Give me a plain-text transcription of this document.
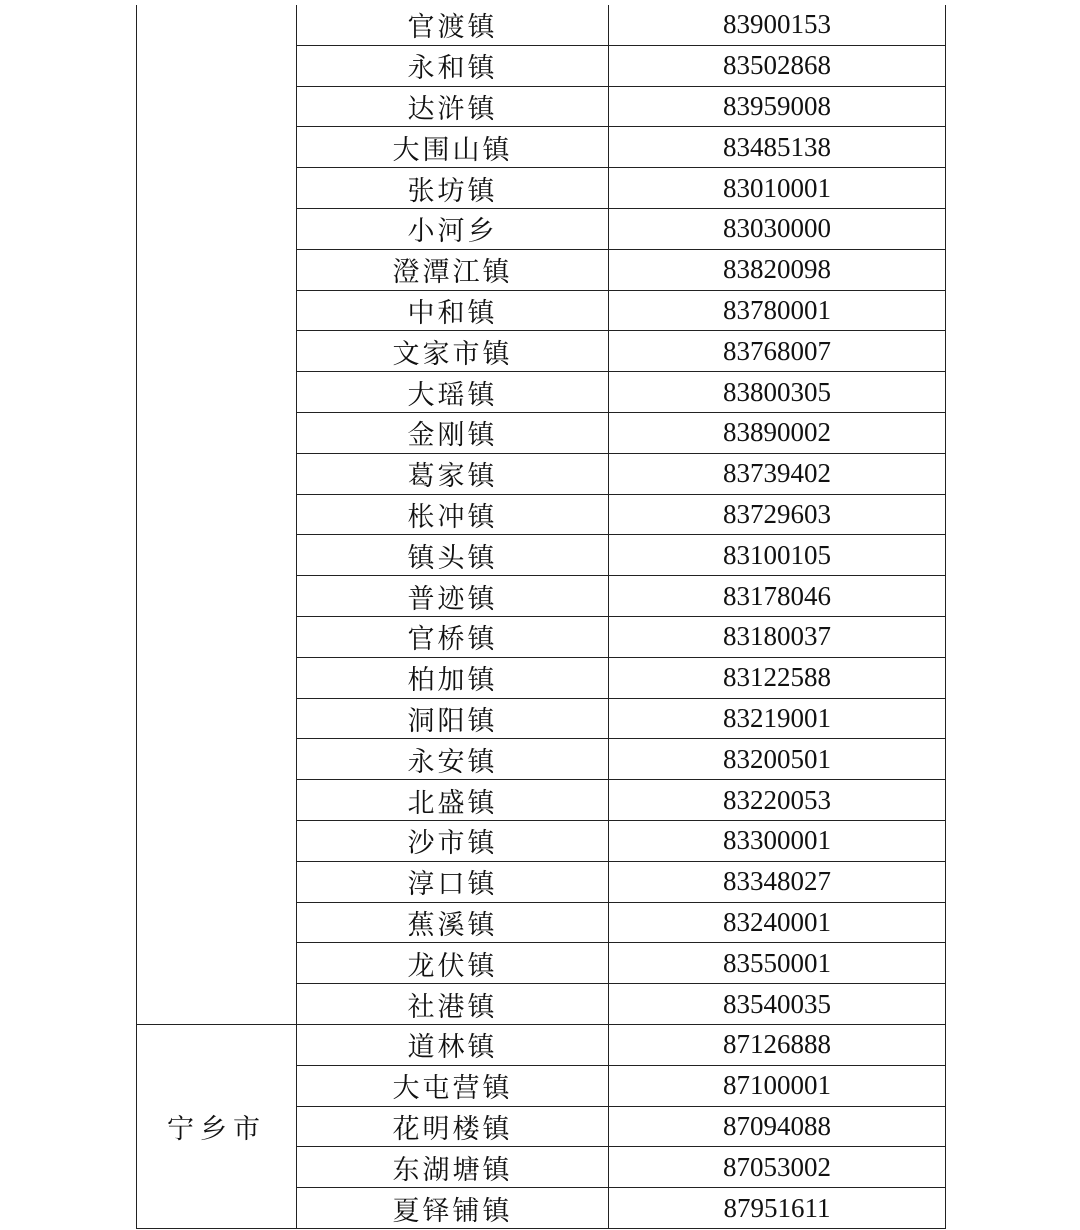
	官渡镇	83900153
	永和镇	83502868
	达浒镇	83959008
	大围山镇	83485138
	张坊镇	83010001
	小河乡	83030000
	澄潭江镇	83820098
	中和镇	83780001
	文家市镇	83768007
	大瑶镇	83800305
	金刚镇	83890002
	葛家镇	83739402
	枨冲镇	83729603
	镇头镇	83100105
	普迹镇	83178046
	官桥镇	83180037
	柏加镇	83122588
	洞阳镇	83219001
	永安镇	83200501
	北盛镇	83220053
	沙市镇	83300001
	淳口镇	83348027
	蕉溪镇	83240001
	龙伏镇	83550001
	社港镇	83540035
宁乡市	道林镇	87126888
	大屯营镇	87100001
	花明楼镇	87094088
	东湖塘镇	87053002
	夏铎铺镇	87951611
